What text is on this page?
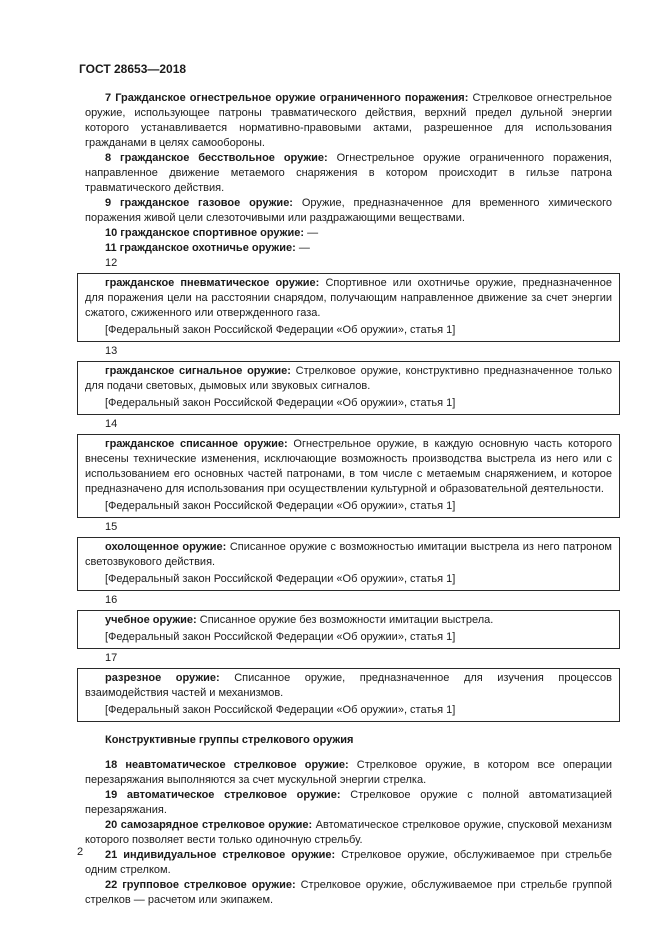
ГОСТ 28653—2018

7 Гражданское огнестрельное оружие ограниченного поражения: Стрелковое огнестрельное оружие, использующее патроны травматического действия, верхний предел дульной энергии которого устанавливается нормативно-правовыми актами, разрешенное для использования гражданами в целях самообороны.

8 гражданское бесствольное оружие: Огнестрельное оружие ограниченного поражения, направленное движение метаемого снаряжения в котором происходит в гильзе патрона травматического действия.

9 гражданское газовое оружие: Оружие, предназначенное для временного химического поражения живой цели слезоточивыми или раздражающими веществами.

10 гражданское спортивное оружие: —

11 гражданское охотничье оружие: —

12

гражданское пневматическое оружие: Спортивное или охотничье оружие, предназначенное для поражения цели на расстоянии снарядом, получающим направленное движение за счет энергии сжатого, сжиженного или отвержденного газа.

[Федеральный закон Российской Федерации «Об оружии», статья 1]

13

гражданское сигнальное оружие: Стрелковое оружие, конструктивно предназначенное только для подачи световых, дымовых или звуковых сигналов.

[Федеральный закон Российской Федерации «Об оружии», статья 1]

14

гражданское списанное оружие: Огнестрельное оружие, в каждую основную часть которого внесены технические изменения, исключающие возможность производства выстрела из него или с использованием его основных частей патронами, в том числе с метаемым снаряжением, и которое предназначено для использования при осуществлении культурной и образовательной деятельности.

[Федеральный закон Российской Федерации «Об оружии», статья 1]

15

охолощенное оружие: Списанное оружие с возможностью имитации выстрела из него патроном светозвукового действия.

[Федеральный закон Российской Федерации «Об оружии», статья 1]

16

учебное оружие: Списанное оружие без возможности имитации выстрела.

[Федеральный закон Российской Федерации «Об оружии», статья 1]

17

разрезное оружие: Списанное оружие, предназначенное для изучения процессов взаимодействия частей и механизмов.

[Федеральный закон Российской Федерации «Об оружии», статья 1]

Конструктивные группы стрелкового оружия

18 неавтоматическое стрелковое оружие: Стрелковое оружие, в котором все операции перезаряжания выполняются за счет мускульной энергии стрелка.

19 автоматическое стрелковое оружие: Стрелковое оружие с полной автоматизацией перезаряжания.

20 самозарядное стрелковое оружие: Автоматическое стрелковое оружие, спусковой механизм которого позволяет вести только одиночную стрельбу.

21 индивидуальное стрелковое оружие: Стрелковое оружие, обслуживаемое при стрельбе одним стрелком.

22 групповое стрелковое оружие: Стрелковое оружие, обслуживаемое при стрельбе группой стрелков — расчетом или экипажем.

2
